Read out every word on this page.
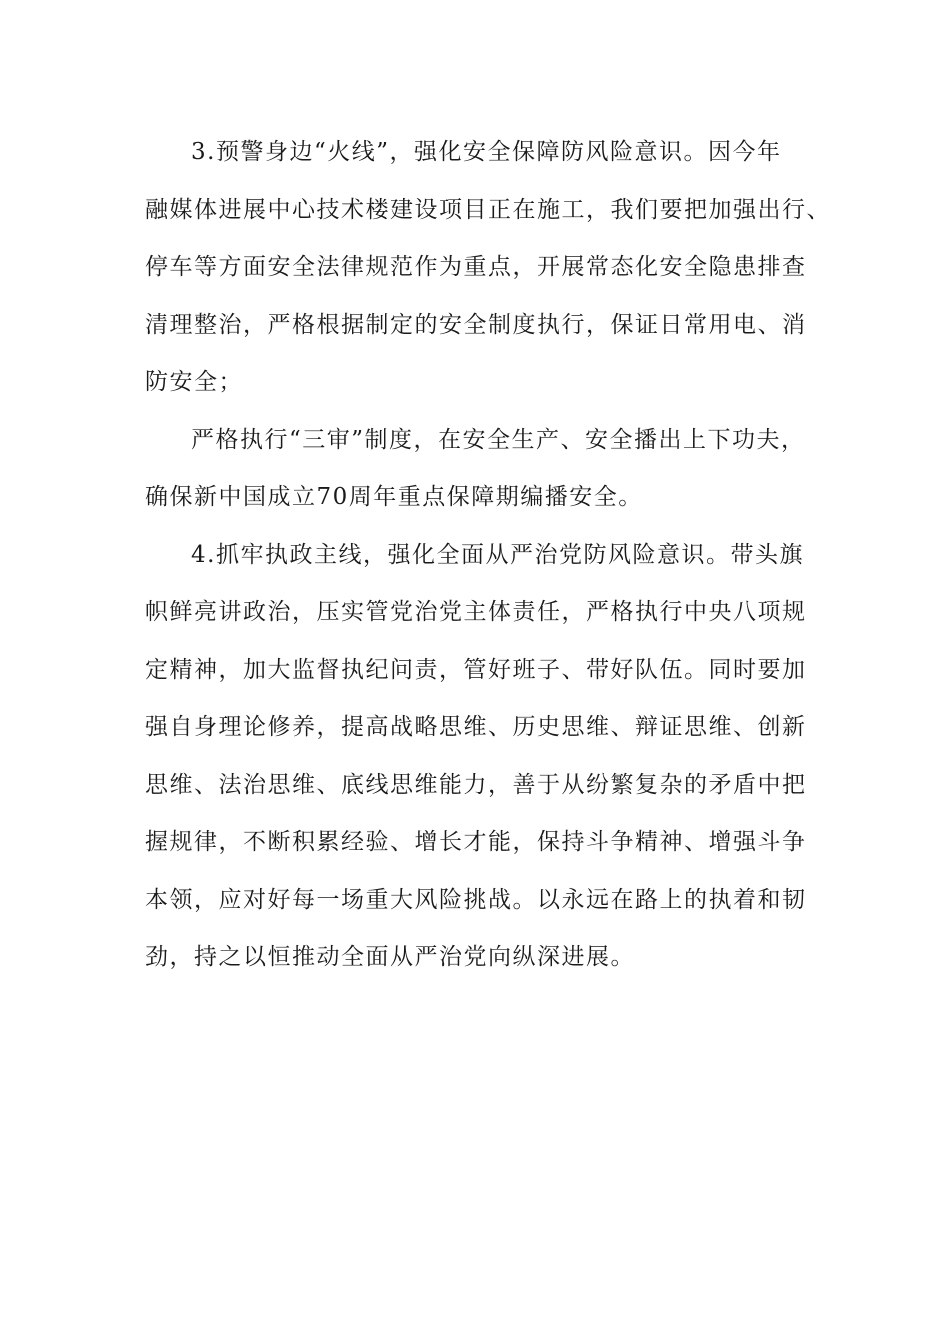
3.预警身边“火线”，强化安全保障防风险意识。因今年
融媒体进展中心技术楼建设项目正在施工，我们要把加强出行、
停车等方面安全法律规范作为重点，开展常态化安全隐患排查
清理整治，严格根据制定的安全制度执行，保证日常用电、消
防安全；
严格执行“三审”制度，在安全生产、安全播出上下功夫，
确保新中国成立70周年重点保障期编播安全。
4.抓牢执政主线，强化全面从严治党防风险意识。带头旗
帜鲜亮讲政治，压实管党治党主体责任，严格执行中央八项规
定精神，加大监督执纪问责，管好班子、带好队伍。同时要加
强自身理论修养，提高战略思维、历史思维、辩证思维、创新
思维、法治思维、底线思维能力，善于从纷繁复杂的矛盾中把
握规律，不断积累经验、增长才能，保持斗争精神、增强斗争
本领，应对好每一场重大风险挑战。以永远在路上的执着和韧
劲，持之以恒推动全面从严治党向纵深进展。
